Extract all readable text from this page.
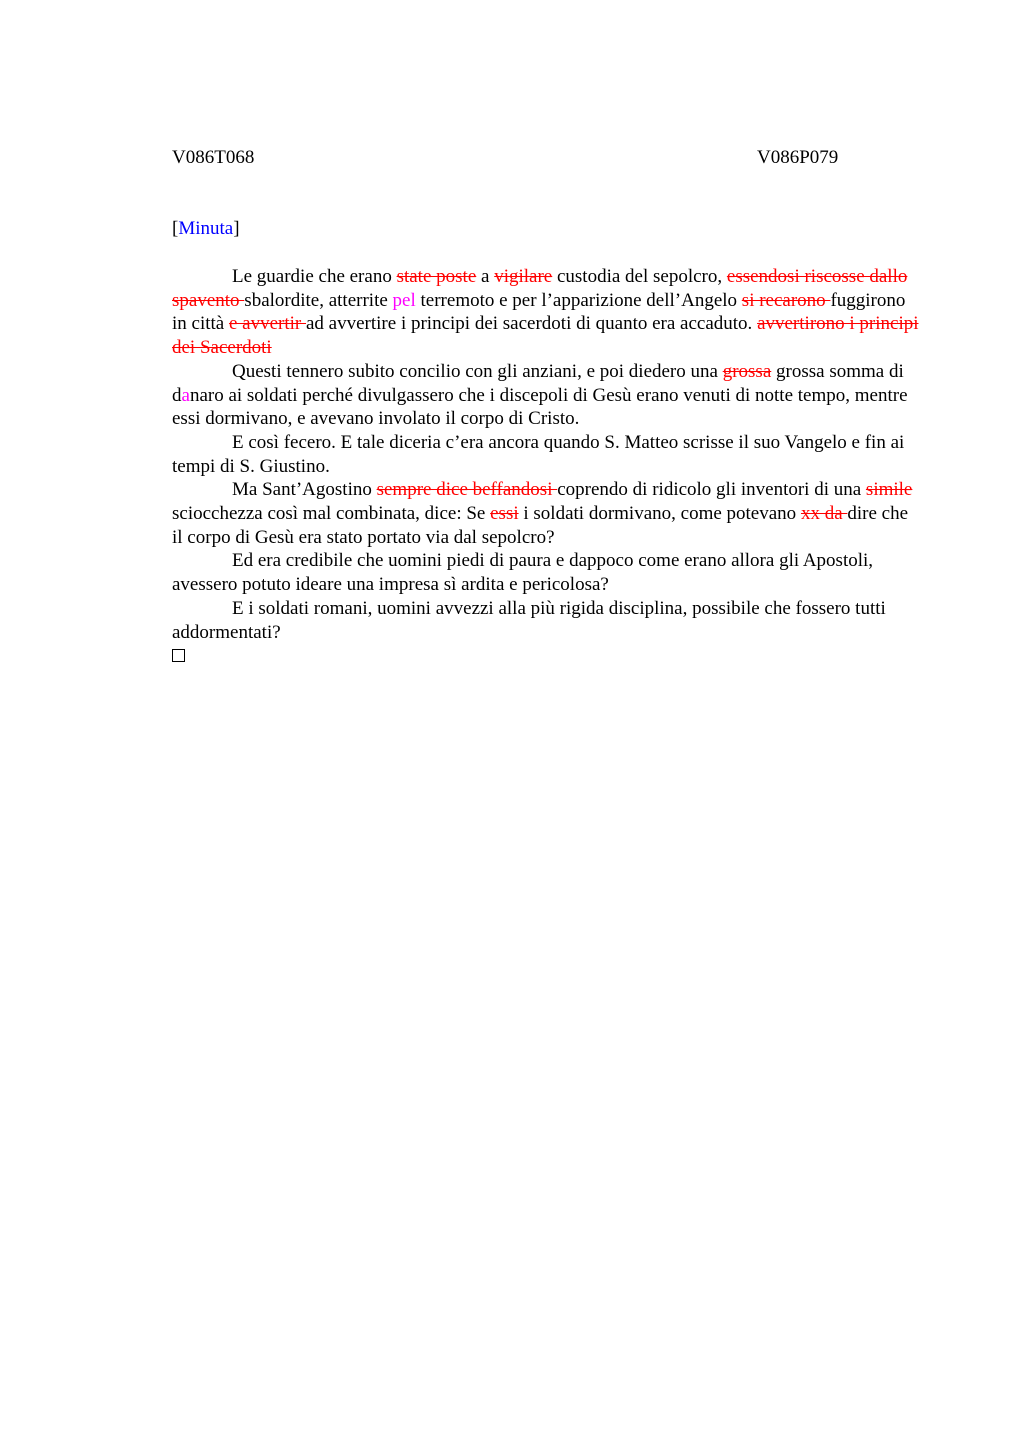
V086T068	V086P079
[Minuta]

Le guardie che erano state poste a vigilare custodia del sepolcro, essendosi riscosse dallo spavento sbalordite, atterrite pel terremoto e per l’apparizione dell’Angelo si recarono fuggirono in città e avvertir ad avvertire i principi dei sacerdoti di quanto era accaduto. avvertirono i principi dei Sacerdoti

Questi tennero subito concilio con gli anziani, e poi diedero una grossa grossa somma di danaro ai soldati perché divulgassero che i discepoli di Gesù erano venuti di notte tempo, mentre essi dormivano, e avevano involato il corpo di Cristo.

E così fecero. E tale diceria c’era ancora quando S. Matteo scrisse il suo Vangelo e fin ai tempi di S. Giustino.

Ma Sant’Agostino sempre dice beffandosi coprendo di ridicolo gli inventori di una simile sciocchezza così mal combinata, dice: Se essi i soldati dormivano, come potevano xx da dire che il corpo di Gesù era stato portato via dal sepolcro?

Ed era credibile che uomini piedi di paura e dappoco come erano allora gli Apostoli, avessero potuto ideare una impresa sì ardita e pericolosa?

E i soldati romani, uomini avvezzi alla più rigida disciplina, possibile che fossero tutti addormentati?
